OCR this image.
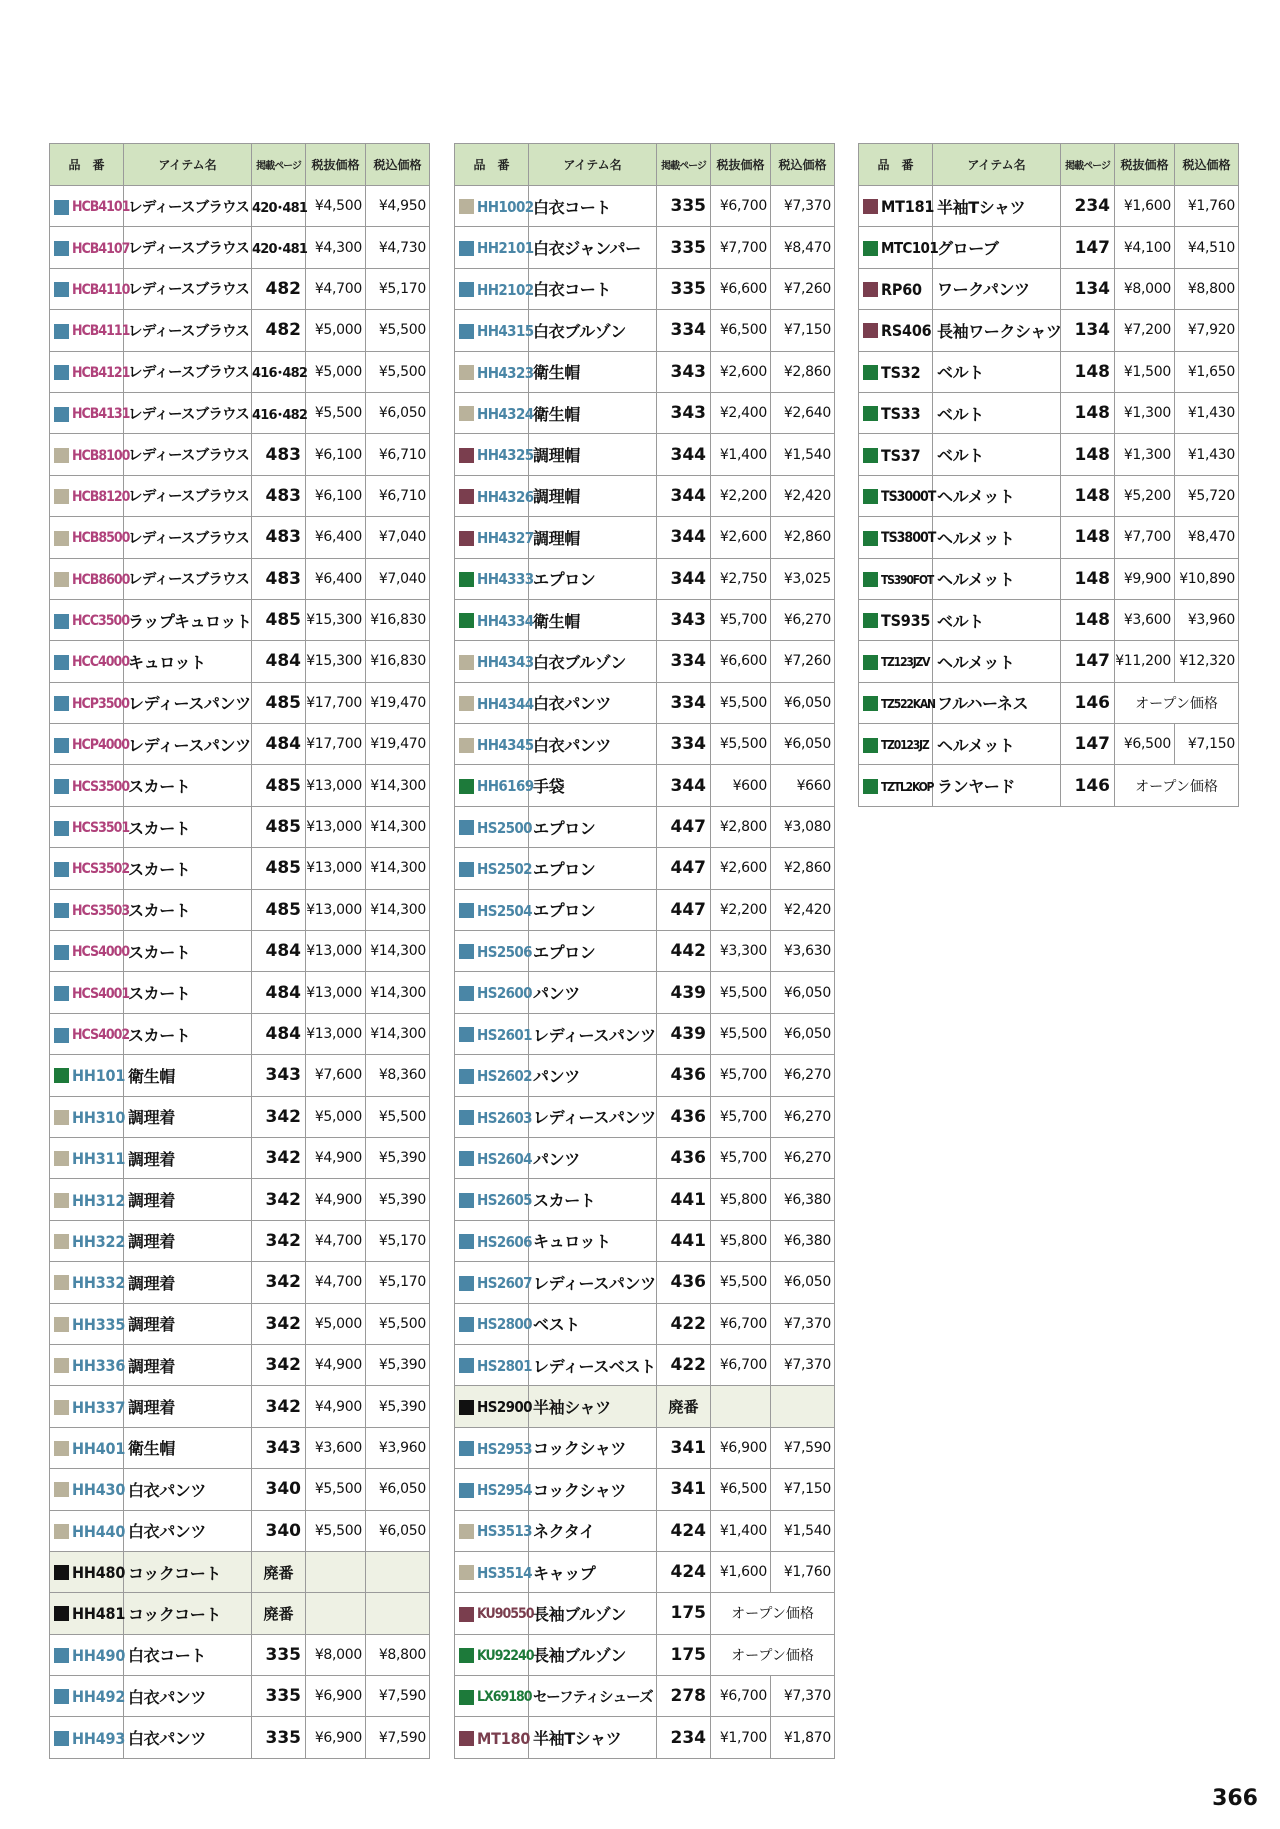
品　番	アイテム名	掲載ページ	税抜価格	税込価格
HCB4101	レディースブラウス	420･481	¥4,500	¥4,950
HCB4107	レディースブラウス	420･481	¥4,300	¥4,730
HCB4110	レディースブラウス	482	¥4,700	¥5,170
HCB4111	レディースブラウス	482	¥5,000	¥5,500
HCB4121	レディースブラウス	416･482	¥5,000	¥5,500
HCB4131	レディースブラウス	416･482	¥5,500	¥6,050
HCB8100	レディースブラウス	483	¥6,100	¥6,710
HCB8120	レディースブラウス	483	¥6,100	¥6,710
HCB8500	レディースブラウス	483	¥6,400	¥7,040
HCB8600	レディースブラウス	483	¥6,400	¥7,040
HCC3500	ラップキュロット	485	¥15,300	¥16,830
HCC4000	キュロット	484	¥15,300	¥16,830
HCP3500	レディースパンツ	485	¥17,700	¥19,470
HCP4000	レディースパンツ	484	¥17,700	¥19,470
HCS3500	スカート	485	¥13,000	¥14,300
HCS3501	スカート	485	¥13,000	¥14,300
HCS3502	スカート	485	¥13,000	¥14,300
HCS3503	スカート	485	¥13,000	¥14,300
HCS4000	スカート	484	¥13,000	¥14,300
HCS4001	スカート	484	¥13,000	¥14,300
HCS4002	スカート	484	¥13,000	¥14,300
HH101	衛生帽	343	¥7,600	¥8,360
HH310	調理着	342	¥5,000	¥5,500
HH311	調理着	342	¥4,900	¥5,390
HH312	調理着	342	¥4,900	¥5,390
HH322	調理着	342	¥4,700	¥5,170
HH332	調理着	342	¥4,700	¥5,170
HH335	調理着	342	¥5,000	¥5,500
HH336	調理着	342	¥4,900	¥5,390
HH337	調理着	342	¥4,900	¥5,390
HH401	衛生帽	343	¥3,600	¥3,960
HH430	白衣パンツ	340	¥5,500	¥6,050
HH440	白衣パンツ	340	¥5,500	¥6,050
HH480	コックコート	廃番		
HH481	コックコート	廃番		
HH490	白衣コート	335	¥8,000	¥8,800
HH492	白衣パンツ	335	¥6,900	¥7,590
HH493	白衣パンツ	335	¥6,900	¥7,590
品　番	アイテム名	掲載ページ	税抜価格	税込価格
HH1002	白衣コート	335	¥6,700	¥7,370
HH2101	白衣ジャンパー	335	¥7,700	¥8,470
HH2102	白衣コート	335	¥6,600	¥7,260
HH4315	白衣ブルゾン	334	¥6,500	¥7,150
HH4323	衛生帽	343	¥2,600	¥2,860
HH4324	衛生帽	343	¥2,400	¥2,640
HH4325	調理帽	344	¥1,400	¥1,540
HH4326	調理帽	344	¥2,200	¥2,420
HH4327	調理帽	344	¥2,600	¥2,860
HH4333	エプロン	344	¥2,750	¥3,025
HH4334	衛生帽	343	¥5,700	¥6,270
HH4343	白衣ブルゾン	334	¥6,600	¥7,260
HH4344	白衣パンツ	334	¥5,500	¥6,050
HH4345	白衣パンツ	334	¥5,500	¥6,050
HH6169	手袋	344	¥600	¥660
HS2500	エプロン	447	¥2,800	¥3,080
HS2502	エプロン	447	¥2,600	¥2,860
HS2504	エプロン	447	¥2,200	¥2,420
HS2506	エプロン	442	¥3,300	¥3,630
HS2600	パンツ	439	¥5,500	¥6,050
HS2601	レディースパンツ	439	¥5,500	¥6,050
HS2602	パンツ	436	¥5,700	¥6,270
HS2603	レディースパンツ	436	¥5,700	¥6,270
HS2604	パンツ	436	¥5,700	¥6,270
HS2605	スカート	441	¥5,800	¥6,380
HS2606	キュロット	441	¥5,800	¥6,380
HS2607	レディースパンツ	436	¥5,500	¥6,050
HS2800	ベスト	422	¥6,700	¥7,370
HS2801	レディースベスト	422	¥6,700	¥7,370
HS2900	半袖シャツ	廃番		
HS2953	コックシャツ	341	¥6,900	¥7,590
HS2954	コックシャツ	341	¥6,500	¥7,150
HS3513	ネクタイ	424	¥1,400	¥1,540
HS3514	キャップ	424	¥1,600	¥1,760
KU90550	長袖ブルゾン	175	オープン価格	
KU92240	長袖ブルゾン	175	オープン価格	
LX69180	セーフティシューズ	278	¥6,700	¥7,370
MT180	半袖Tシャツ	234	¥1,700	¥1,870
品　番	アイテム名	掲載ページ	税抜価格	税込価格
MT181	半袖Tシャツ	234	¥1,600	¥1,760
MTC101	グローブ	147	¥4,100	¥4,510
RP60	ワークパンツ	134	¥8,000	¥8,800
RS406	長袖ワークシャツ	134	¥7,200	¥7,920
TS32	ベルト	148	¥1,500	¥1,650
TS33	ベルト	148	¥1,300	¥1,430
TS37	ベルト	148	¥1,300	¥1,430
TS3000T	ヘルメット	148	¥5,200	¥5,720
TS3800T	ヘルメット	148	¥7,700	¥8,470
TS390FOT	ヘルメット	148	¥9,900	¥10,890
TS935	ベルト	148	¥3,600	¥3,960
TZ123JZV	ヘルメット	147	¥11,200	¥12,320
TZ522KAN	フルハーネス	146	オープン価格	
TZ0123JZ	ヘルメット	147	¥6,500	¥7,150
TZTL2KOP	ランヤード	146	オープン価格	
366
